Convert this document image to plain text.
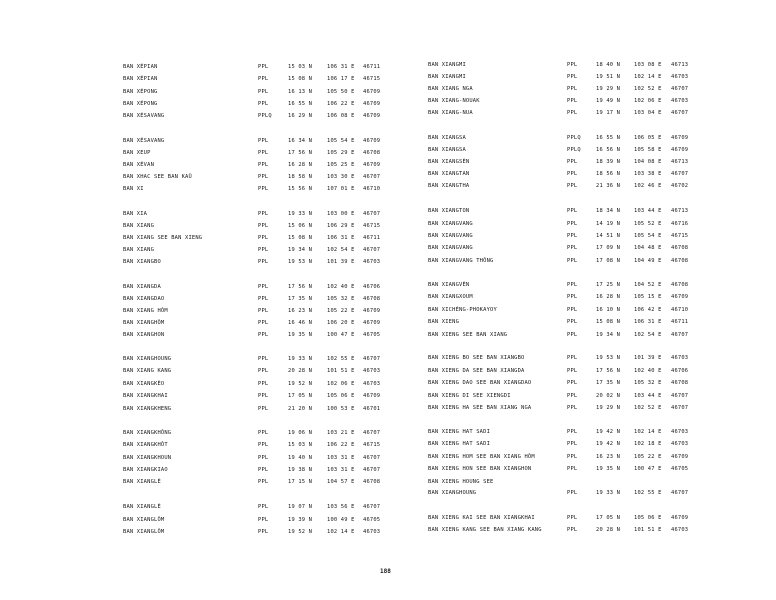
BAN XÉPIAN	PPL	15 03 N	106 31 E 46711
BAN XÉPIAN	PPL	15 08 N	106 17 E 46715
BAN XÉPONG	PPL	16 13 N	105 50 E 46709
BAN XÉPONG	PPL	16 55 N	106 22 E 46709
BAN XÉSAVANG	PPLQ	16 29 N	106 08 E 46709
BAN XÉSAVANG	PPL	16 34 N	105 54 E 46709
BAN XEUP	PPL	17 56 N	105 29 E 46708
BAN XÉVAN	PPL	16 28 N	105 25 E 46709
BAN XHAC SEE BAN KAÛ	PPL	18 58 N	103 30 E 46707
BAN XI	PPL	15 56 N	107 01 E 46710
BAN XIA	PPL	19 33 N	103 00 E 46707
BAN XIANG	PPL	15 06 N	106 29 E 46715
BAN XIANG SEE BAN XIENG	PPL	15 08 N	106 31 E 46711
BAN XIANG	PPL	19 34 N	102 54 E 46707
BAN XIANGBO	PPL	19 53 N	101 39 E 46703
BAN XIANGDA	PPL	17 56 N	102 40 E 46706
BAN XIANGDAO	PPL	17 35 N	105 32 E 46708
BAN XIANG HÔM	PPL	16 23 N	105 22 E 46709
BAN XIANGHÔM	PPL	16 46 N	106 20 E 46709
BAN XIANGHON	PPL	19 35 N	100 47 E 46705
BAN XIANGHOUNG	PPL	19 33 N	102 55 E 46707
BAN XIANG KANG	PPL	20 28 N	101 51 E 46703
BAN XIANGKÈO	PPL	19 52 N	102 06 E 46703
BAN XIANGKHAI	PPL	17 05 N	105 06 E 46709
BAN XIANGKHENG	PPL	21 20 N	100 53 E 46701
BAN XIANGKHÔNG	PPL	19 06 N	103 21 E 46707
BAN XIANGKHÔT	PPL	15 03 N	106 22 E 46715
BAN XIANGKHOUN	PPL	19 40 N	103 31 E 46707
BAN XIANGKIAO	PPL	19 38 N	103 31 E 46707
BAN XIANGLÈ	PPL	17 15 N	104 57 E 46708
BAN XIANGLÈ	PPL	19 07 N	103 56 E 46707
BAN XIANGLÔM	PPL	19 39 N	100 49 E 46705
BAN XIANGLÔM	PPL	19 52 N	102 14 E 46703
BAN XIANGMI	PPL	18 40 N	103 08 E 46713
BAN XIANGMI	PPL	19 51 N	102 14 E 46703
BAN XIANG NGA	PPL	19 29 N	102 52 E 46707
BAN XIANG-NOUAK	PPL	19 49 N	102 06 E 46703
BAN XIANG-NUA	PPL	19 17 N	103 04 E 46707
BAN XIANGSA	PPLQ	16 55 N	106 05 E 46709
BAN XIANGSA	PPLQ	16 56 N	105 58 E 46709
BAN XIANGSÈN	PPL	18 39 N	104 08 E 46713
BAN XIANGTAN	PPL	18 56 N	103 38 E 46707
BAN XIANGTHA	PPL	21 36 N	102 46 E 46702
BAN XIANGTON	PPL	18 34 N	103 44 E 46713
BAN XIANGVANG	PPL	14 19 N	105 52 E 46716
BAN XIANGVANG	PPL	14 51 N	105 54 E 46715
BAN XIANGVANG	PPL	17 09 N	104 48 E 46708
BAN XIANGVANG THÔNG	PPL	17 08 N	104 49 E 46708
BAN XIANGVÈN	PPL	17 25 N	104 52 E 46708
BAN XIANGXOUM	PPL	16 28 N	105 15 E 46709
BAN XICHÈNG-PHOKAYOY	PPL	16 10 N	106 42 E 46710
BAN XIENG	PPL	15 08 N	106 31 E 46711
BAN XIENG SEE BAN XIANG	PPL	19 34 N	102 54 E 46707
BAN XIENG BO SEE BAN XIANGBO	PPL	19 53 N	101 39 E 46703
BAN XIENG DA SEE BAN XIANGDA	PPL	17 56 N	102 40 E 46706
BAN XIENG DAO SEE BAN XIANGDAO	PPL	17 35 N	105 32 E 46708
BAN XIENG DI SEE XIENGDI	PPL	20 02 N	103 44 E 46707
BAN XIENG HA SEE BAN XIANG NGA	PPL	19 29 N	102 52 E 46707
BAN XIENG HAT SADI	PPL	19 42 N	102 14 E 46703
BAN XIENG HAT SADI	PPL	19 42 N	102 18 E 46703
BAN XIENG HOM SEE BAN XIANG HÔM	PPL	16 23 N	105 22 E 46709
BAN XIENG HON SEE BAN XIANGHON	PPL	19 35 N	100 47 E 46705
BAN XIENG HOUNG SEE
BAN XIANGHOUNG	PPL	19 33 N	102 55 E 46707
BAN XIENG KAI SEE BAN XIANGKHAI	PPL	17 05 N	105 06 E 46709
BAN XIENG KANG SEE BAN XIANG KANG	PPL	20 28 N	101 51 E 46703
188
